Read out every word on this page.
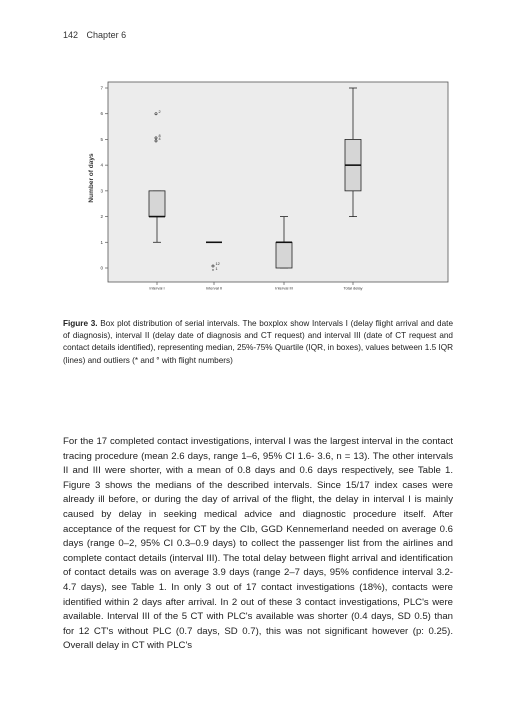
142 Chapter 6
0
1
2
3
4
5
6
7
Number of days
Interval I	Interval II	Interval III	Total delay
2
8
4
12
* 1
Figure 3. Box plot distribution of serial intervals. The boxplox show Intervals I (delay flight arrival and date of diagnosis), interval II (delay date of diagnosis and CT request) and interval III (date of CT request and contact details identified), representing median, 25%-75% Quartile (IQR, in boxes), values between 1.5 IQR (lines) and outliers (* and ° with flight numbers)

For the 17 completed contact investigations, interval I was the largest interval in the contact tracing procedure (mean 2.6 days, range 1–6, 95% CI 1.6- 3.6, n = 13). The other intervals II and III were shorter, with a mean of 0.8 days and 0.6 days respectively, see Table 1. Figure 3 shows the medians of the described intervals. Since 15/17 index cases were already ill before, or during the day of arrival of the flight, the delay in interval I is mainly caused by delay in seeking medical advice and diagnostic procedure itself. After acceptance of the request for CT by the CIb, GGD Kennemerland needed on average 0.6 days (range 0–2, 95% CI 0.3–0.9 days) to collect the passenger list from the airlines and complete contact details (interval III). The total delay between flight arrival and identification of contact details was on average 3.9 days (range 2–7 days, 95% confidence interval 3.2-4.7 days), see Table 1. In only 3 out of 17 contact investigations (18%), contacts were identified within 2 days after arrival. In 2 out of these 3 contact investigations, PLC's were available. Interval III of the 5 CT with PLC's available was shorter (0.4 days, SD 0.5) than for 12 CT's without PLC (0.7 days, SD 0.7), this was not significant however (p: 0.25). Overall delay in CT with PLC's
